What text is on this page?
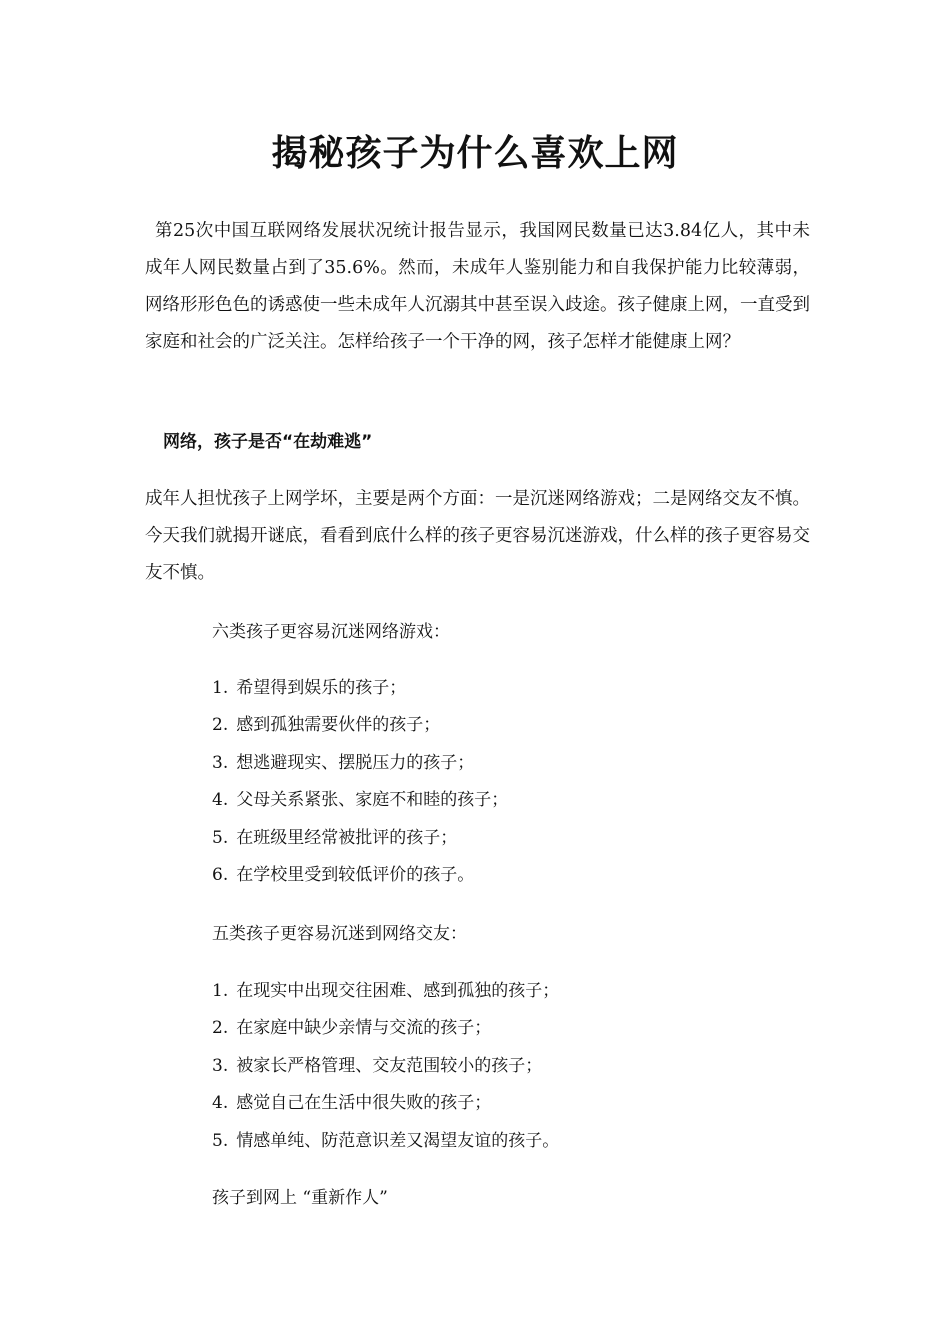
揭秘孩子为什么喜欢上网
第25次中国互联网络发展状况统计报告显示，我国网民数量已达3.84亿人，其中未成年人网民数量占到了35.6%。然而，未成年人鉴别能力和自我保护能力比较薄弱，网络形形色色的诱惑使一些未成年人沉溺其中甚至误入歧途。孩子健康上网，一直受到家庭和社会的广泛关注。怎样给孩子一个干净的网，孩子怎样才能健康上网？
网络，孩子是否“在劫难逃”
成年人担忧孩子上网学坏，主要是两个方面：一是沉迷网络游戏；二是网络交友不慎。今天我们就揭开谜底，看看到底什么样的孩子更容易沉迷游戏，什么样的孩子更容易交友不慎。
六类孩子更容易沉迷网络游戏：
1. 希望得到娱乐的孩子；
2. 感到孤独需要伙伴的孩子；
3. 想逃避现实、摆脱压力的孩子；
4. 父母关系紧张、家庭不和睦的孩子；
5. 在班级里经常被批评的孩子；
6. 在学校里受到较低评价的孩子。
五类孩子更容易沉迷到网络交友：
1. 在现实中出现交往困难、感到孤独的孩子；
2. 在家庭中缺少亲情与交流的孩子；
3. 被家长严格管理、交友范围较小的孩子；
4. 感觉自己在生活中很失败的孩子；
5. 情感单纯、防范意识差又渴望友谊的孩子。
孩子到网上 “重新作人”
